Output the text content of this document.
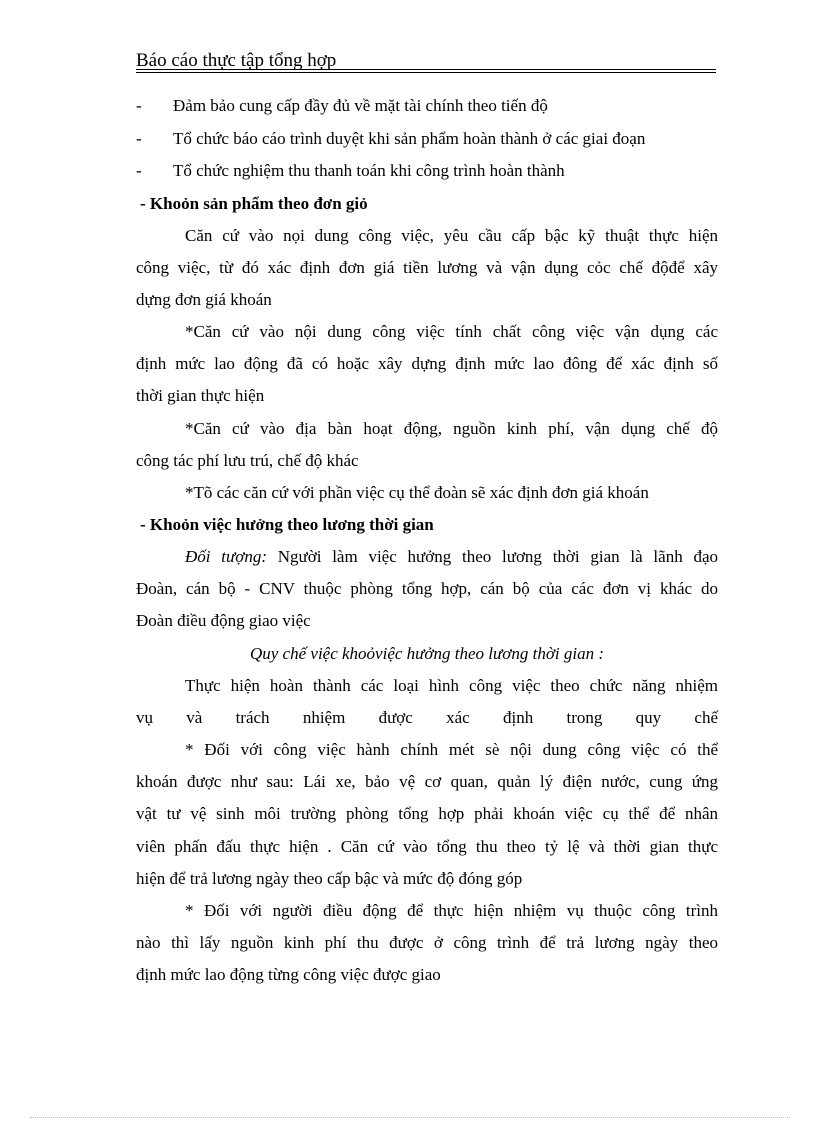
Báo cáo thực tập tổng hợp
- Đảm bảo cung cấp đầy đủ về mặt tài chính theo tiến độ
- Tổ chức báo cáo trình duyệt khi sản phẩm hoàn thành ở các giai đoạn
- Tổ chức nghiệm thu thanh toán khi công trình hoàn thành
- Khoỏn sản phẩm theo đơn giỏ
Căn cứ vào nọi dung công việc, yêu cầu cấp bậc kỹ thuật thực hiện
công việc, từ đó xác định đơn giá tiền lương và vận dụng cỏc chế độđể xây
dựng đơn giá khoán
*Căn cứ vào nội dung công việc tính chất công việc vận dụng các
định mức lao động đã có hoặc xây dựng định mức lao đông để xác định số
thời gian thực hiện
*Căn cứ vào địa bàn hoạt động, nguồn kinh phí, vận dụng chế độ
công tác phí lưu trú, chế độ khác
*Tõ các căn cứ với phần việc cụ thể đoàn sẽ xác định đơn giá khoán
- Khoỏn việc hưởng theo lương thời gian
Đối tượng: Người làm việc hưởng theo lương thời gian là lãnh đạo
Đoàn, cán bộ - CNV thuộc phòng tổng hợp, cán bộ của các đơn vị khác do
Đoàn điều động giao việc
Quy chế việc khoỏviệc hưởng theo lương thời gian :
Thực hiện hoàn thành các loại hình công việc theo chức năng nhiệm
vụ và trách nhiệm được xác định trong quy chế
* Đối với công việc hành chính mét sè nội dung công việc có thể
khoán được như sau: Lái xe, bảo vệ cơ quan, quản lý điện nước, cung ứng
vật tư vệ sinh môi trường phòng tổng hợp phải khoán việc cụ thể để nhân
viên phấn đấu thực hiện . Căn cứ vào tổng thu theo tỷ lệ và thời gian thực
hiện để trả lương ngày theo cấp bậc và mức độ đóng góp
* Đối với người điều động để thực hiện nhiệm vụ thuộc công trình
nào thì lấy nguồn kinh phí thu được ở công trình để trả lương ngày theo
định mức lao động từng công việc được giao
